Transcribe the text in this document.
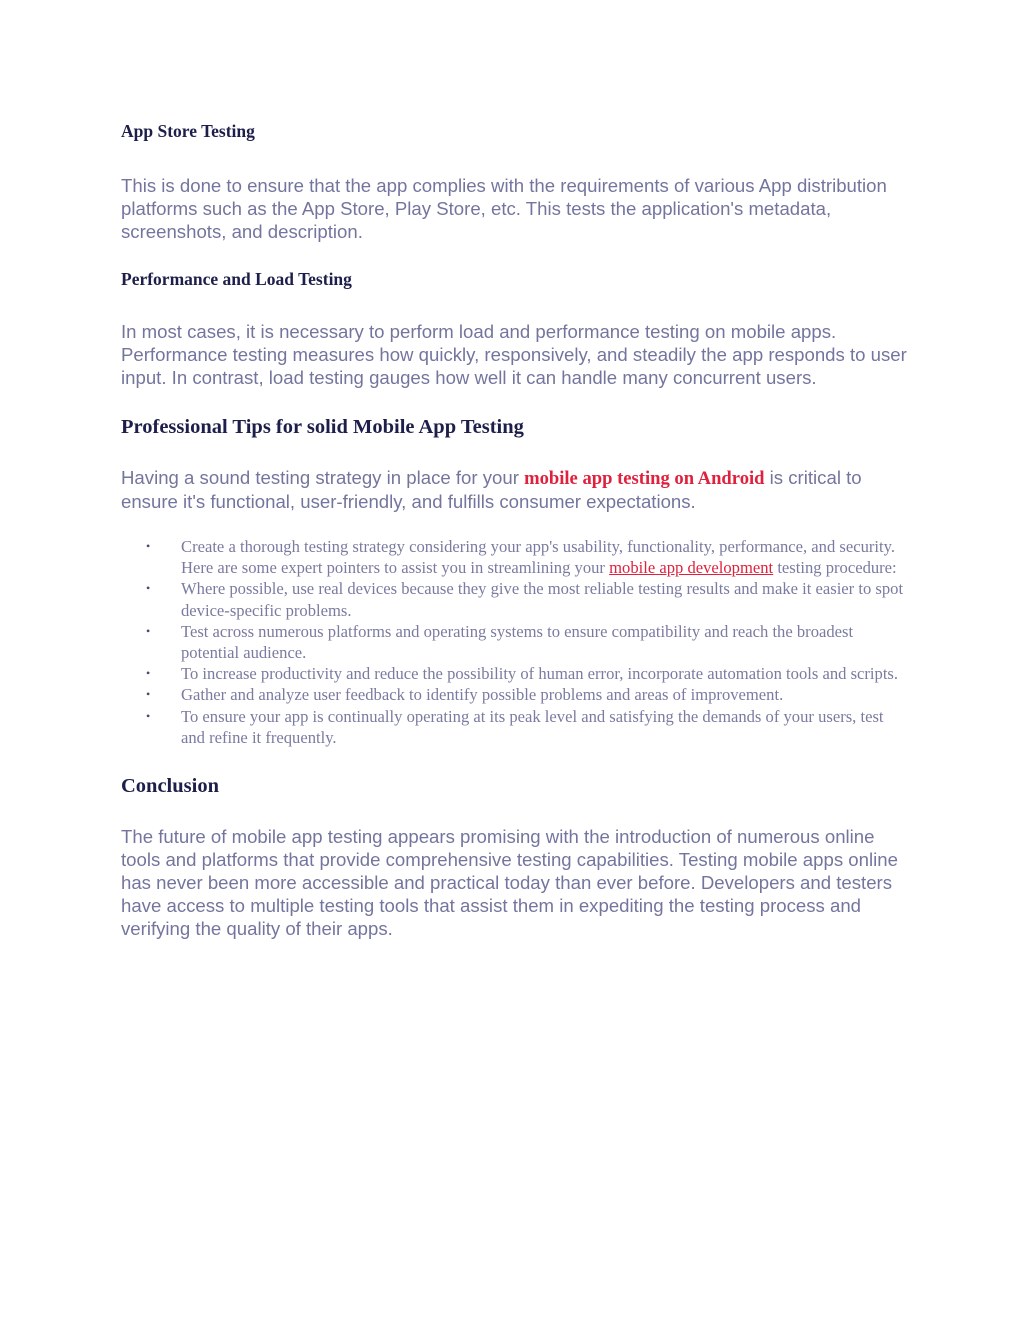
App Store Testing

This is done to ensure that the app complies with the requirements of various App distribution platforms such as the App Store, Play Store, etc. This tests the application's metadata, screenshots, and description.

Performance and Load Testing

In most cases, it is necessary to perform load and performance testing on mobile apps. Performance testing measures how quickly, responsively, and steadily the app responds to user input. In contrast, load testing gauges how well it can handle many concurrent users.

Professional Tips for solid Mobile App Testing

Having a sound testing strategy in place for your mobile app testing on Android is critical to ensure it's functional, user-friendly, and fulfills consumer expectations.

• Create a thorough testing strategy considering your app's usability, functionality, performance, and security. Here are some expert pointers to assist you in streamlining your mobile app development testing procedure:
• Where possible, use real devices because they give the most reliable testing results and make it easier to spot device-specific problems.
• Test across numerous platforms and operating systems to ensure compatibility and reach the broadest potential audience.
• To increase productivity and reduce the possibility of human error, incorporate automation tools and scripts.
• Gather and analyze user feedback to identify possible problems and areas of improvement.
• To ensure your app is continually operating at its peak level and satisfying the demands of your users, test and refine it frequently.
Conclusion

The future of mobile app testing appears promising with the introduction of numerous online tools and platforms that provide comprehensive testing capabilities. Testing mobile apps online has never been more accessible and practical today than ever before. Developers and testers have access to multiple testing tools that assist them in expediting the testing process and verifying the quality of their apps.
